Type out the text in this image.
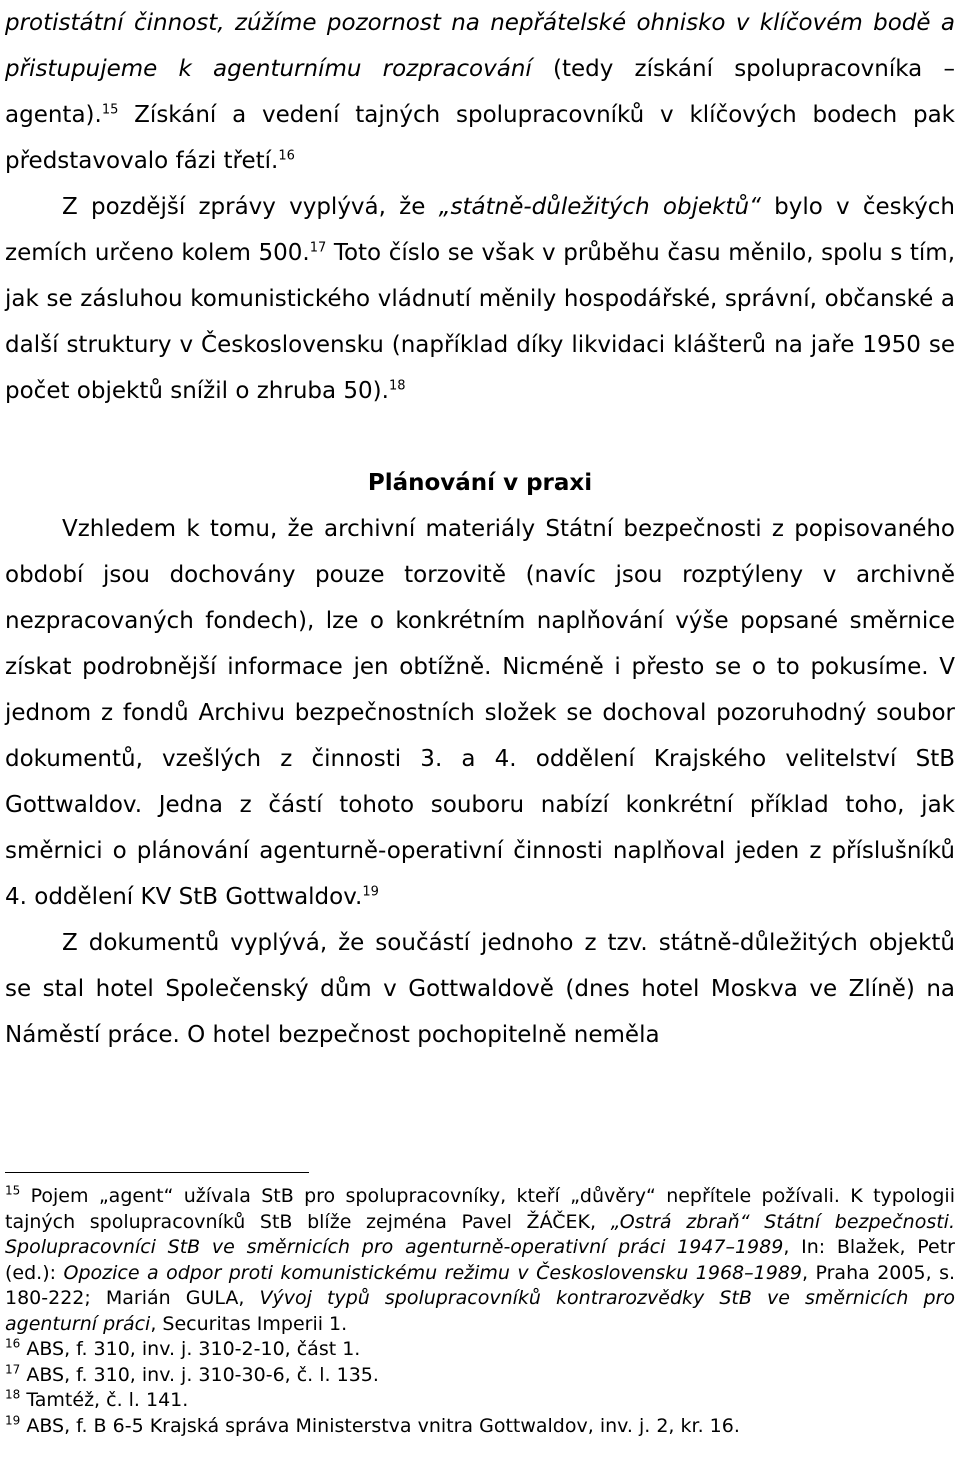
protistátní činnost, zúžíme pozornost na nepřátelské ohnisko v klíčovém bodě a přistupujeme k agenturnímu rozpracování (tedy získání spolupracovníka – agenta).$^{15}$ Získání a vedení tajných spolupracovníků v klíčových bodech pak představovalo fázi třetí.$^{16}$

Z pozdější zprávy vyplývá, že „státně-důležitých objektů“ bylo v českých zemích určeno kolem 500.17 Toto číslo se však v průběhu času měnilo, spolu s tím, jak se zásluhou komunistického vládnutí měnily hospodářské, správní, občanské a další struktury v Československu (například díky likvidaci klášterů na jaře 1950 se počet objektů snížil o zhruba 50).$^{18}$

Plánování v praxi

Vzhledem k tomu, že archivní materiály Státní bezpečnosti z popisovaného období jsou dochovány pouze torzovitě (navíc jsou rozptýleny v archivně nezpracovaných fondech), lze o konkrétním naplňování výše popsané směrnice získat podrobnější informace jen obtížně. Nicméně i přesto se o to pokusíme. V jednom z fondů Archivu bezpečnostních složek se dochoval pozoruhodný soubor dokumentů, vzešlých z činnosti 3. a 4. oddělení Krajského velitelství StB Gottwaldov. Jedna z částí tohoto souboru nabízí konkrétní příklad toho, jak směrnici o plánování agenturně-operativní činnosti naplňoval jeden z příslušníků 4. oddělení KV StB Gottwaldov.$^{19}$

Z dokumentů vyplývá, že součástí jednoho z tzv. státně-důležitých objektů se stal hotel Společenský dům v Gottwaldově (dnes hotel Moskva ve Zlíně) na Náměstí práce. O hotel bezpečnost pochopitelně neměla

$^{15}$ Pojem „agent“ užívala StB pro spolupracovníky, kteří „důvěry“ nepřítele požívali. K typologii tajných spolupracovníků StB blíže zejména Pavel ŽÁČEK, „Ostrá zbraň“ Státní bezpečnosti. Spolupracovníci StB ve směrnicích pro agenturně-operativní práci 1947–1989, In: Blažek, Petr (ed.): Opozice a odpor proti komunistickému režimu v Československu 1968–1989, Praha 2005, s. 180-222; Marián GULA, Vývoj typů spolupracovníků kontrarozvědky StB ve směrnicích pro agenturní práci, Securitas Imperii 1.

$^{16}$ ABS, f. 310, inv. j. 310-2-10, část 1.

$^{17}$ ABS, f. 310, inv. j. 310-30-6, č. l. 135.

$^{18}$ Tamtéž, č. l. 141.

$^{19}$ ABS, f. B 6-5 Krajská správa Ministerstva vnitra Gottwaldov, inv. j. 2, kr. 16.
